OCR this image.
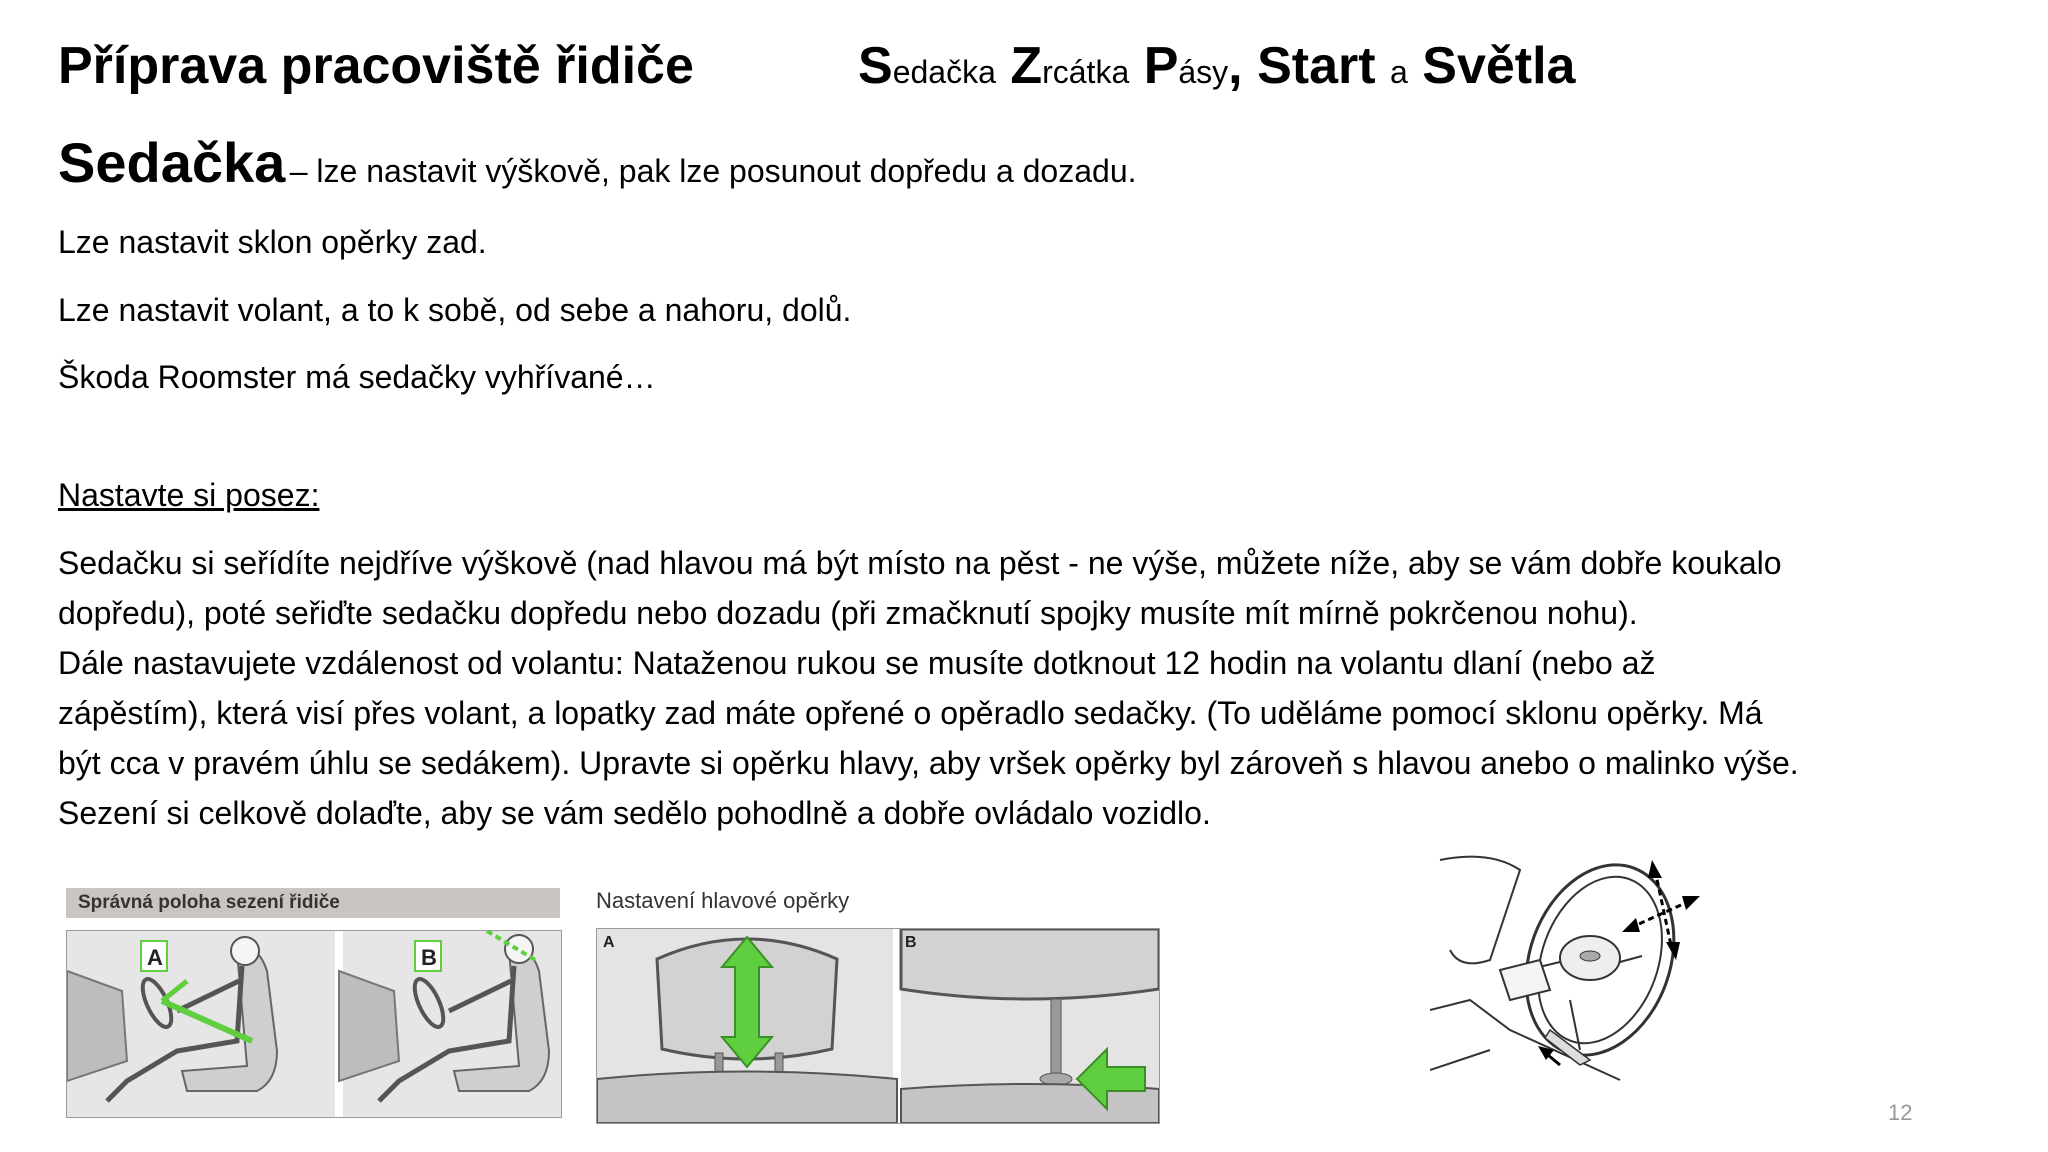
Příprava pracoviště řidiče	Sedačka Zrcátka Pásy, Start a Světla
Sedačka – lze nastavit výškově, pak lze posunout dopředu a dozadu.
Lze nastavit sklon opěrky zad.
Lze nastavit volant, a to k sobě, od sebe a nahoru, dolů.
Škoda Roomster má sedačky vyhřívané…
Nastavte si posez:
Sedačku si seřídíte nejdříve výškově (nad hlavou má být místo na pěst - ne výše, můžete níže, aby se vám dobře koukalo
dopředu), poté seřiďte sedačku dopředu nebo dozadu (při zmačknutí spojky musíte mít mírně pokrčenou nohu).
Dále nastavujete vzdálenost od volantu: Nataženou rukou se musíte dotknout 12 hodin na volantu dlaní (nebo až
zápěstím), která visí přes volant, a lopatky zad máte opřené o opěradlo sedačky. (To uděláme pomocí sklonu opěrky. Má
být cca v pravém úhlu se sedákem). Upravte si opěrku hlavy, aby vršek opěrky byl zároveň s hlavou anebo o malinko výše.
Sezení si celkově dolaďte, aby se vám sedělo pohodlně a dobře ovládalo vozidlo.
Správná poloha sezení řidiče
A	B
Nastavení hlavové opěrky
A	B
12
